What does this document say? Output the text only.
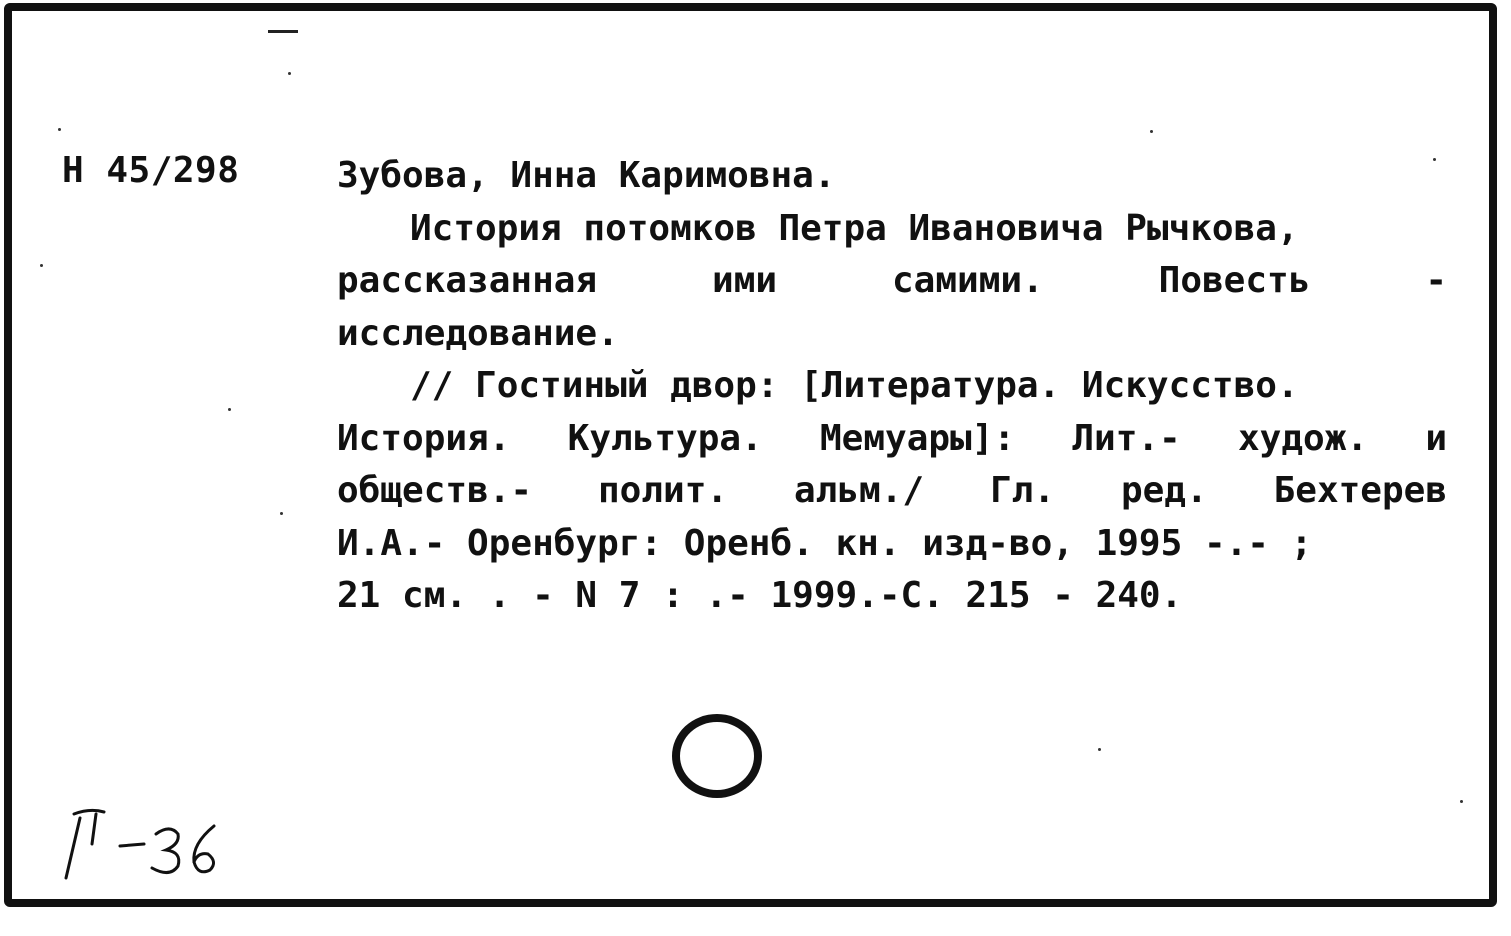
Н 45/298	Зубова, Инна Каримовна.
История потомков Петра Ивановича Рычкова,
рассказанная ими самими. Повесть -
исследование.
// Гостиный двор: [Литература. Искусство.
История. Культура. Мемуары]: Лит.- худож. и
обществ.- полит. альм./ Гл. ред. Бехтерев
И.А.- Оренбург: Оренб. кн. изд-во, 1995 -.- ;
21 см. . - N 7 : .- 1999.-С. 215 - 240.
